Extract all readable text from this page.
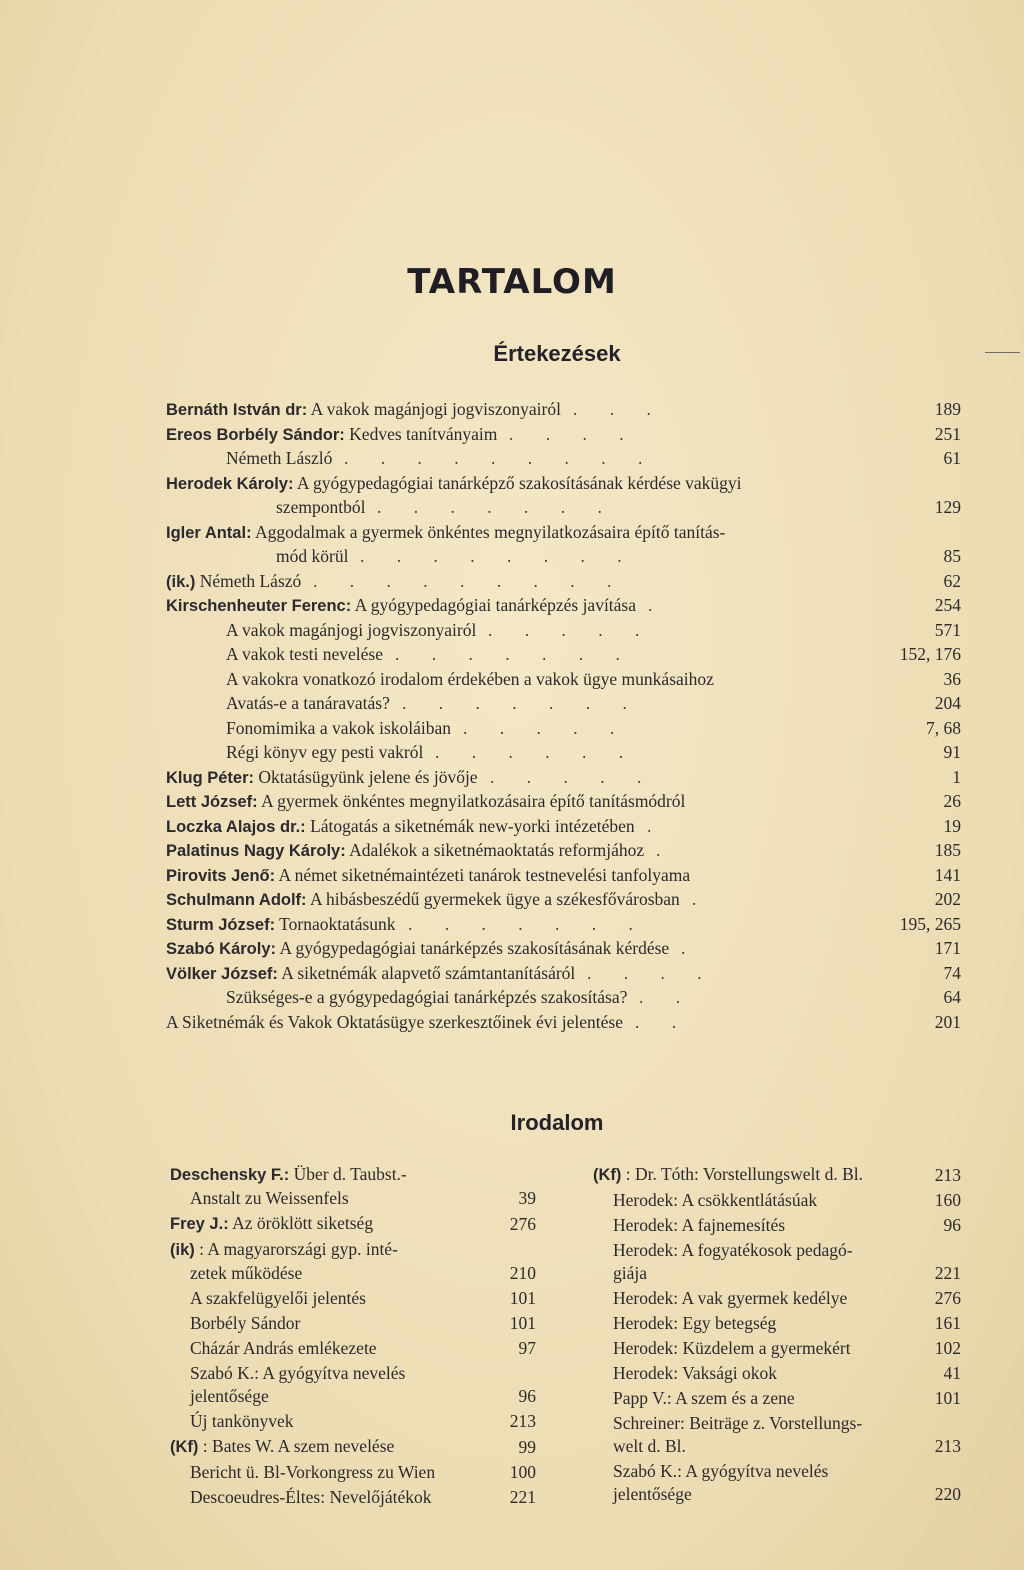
TARTALOM
Értekezések
Bernáth István dr: A vakok magánjogi jogviszonyairól . . .	189
Ereos Borbély Sándor: Kedves tanítványaim . . . .	251
Németh László . . . . . . . . .	61
Herodek Károly: A gyógypedagógiai tanárképző szakosításának kérdése vakügyi
szempontból . . . . . . .	129
Igler Antal: Aggodalmak a gyermek önkéntes megnyilatkozásaira építő tanítás-
mód körül . . . . . . . .	85
(ik.) Németh Lászó . . . . . . . . .	62
Kirschenheuter Ferenc: A gyógypedagógiai tanárképzés javítása .	254
A vakok magánjogi jogviszonyairól . . . . .	571
A vakok testi nevelése . . . . . . .	152, 176
A vakokra vonatkozó irodalom érdekében a vakok ügye munkásaihoz	36
Avatás-e a tanáravatás? . . . . . . .	204
Fonomimika a vakok iskoláiban . . . . .	7, 68
Régi könyv egy pesti vakról . . . . . .	91
Klug Péter: Oktatásügyünk jelene és jövője . . . . .	1
Lett József: A gyermek önkéntes megnyilatkozásaira építő tanításmódról	26
Loczka Alajos dr.: Látogatás a siketnémák new-yorki intézetében .	19
Palatinus Nagy Károly: Adalékok a siketnémaoktatás reformjához .	185
Pirovits Jenő: A német siketnémaintézeti tanárok testnevelési tanfolyama	141
Schulmann Adolf: A hibásbeszédű gyermekek ügye a székesfővárosban .	202
Sturm József: Tornaoktatásunk . . . . . . .	195, 265
Szabó Károly: A gyógypedagógiai tanárképzés szakosításának kérdése .	171
Völker József: A siketnémák alapvető számtantanításáról . . . .	74
Szükséges-e a gyógypedagógiai tanárképzés szakosítása? . .	64
A Siketnémák és Vakok Oktatásügye szerkesztőinek évi jelentése . .	201
Irodalom
Deschensky F.: Über d. Taubst.-
Anstalt zu Weissenfels	39
Frey J.: Az öröklött siketség	276
(ik) : A magyarországi gyp. inté-
zetek működése	210
A szakfelügyelői jelentés	101
Borbély Sándor	101
Cházár András emlékezete	97
Szabó K.: A gyógyítva nevelés
jelentősége	96
Új tankönyvek	213
(Kf) : Bates W. A szem nevelése	99
Bericht ü. Bl-Vorkongress zu Wien	100
Descoeudres-Éltes: Nevelőjátékok	221
(Kf) : Dr. Tóth: Vorstellungswelt d. Bl.	213
Herodek: A csökkentlátásúak	160
Herodek: A fajnemesítés	96
Herodek: A fogyatékosok pedagó-
giája	221
Herodek: A vak gyermek kedélye	276
Herodek: Egy betegség	161
Herodek: Küzdelem a gyermekért	102
Herodek: Vaksági okok	41
Papp V.: A szem és a zene	101
Schreiner: Beiträge z. Vorstellungs-
welt d. Bl.	213
Szabó K.: A gyógyítva nevelés
jelentősége	220
